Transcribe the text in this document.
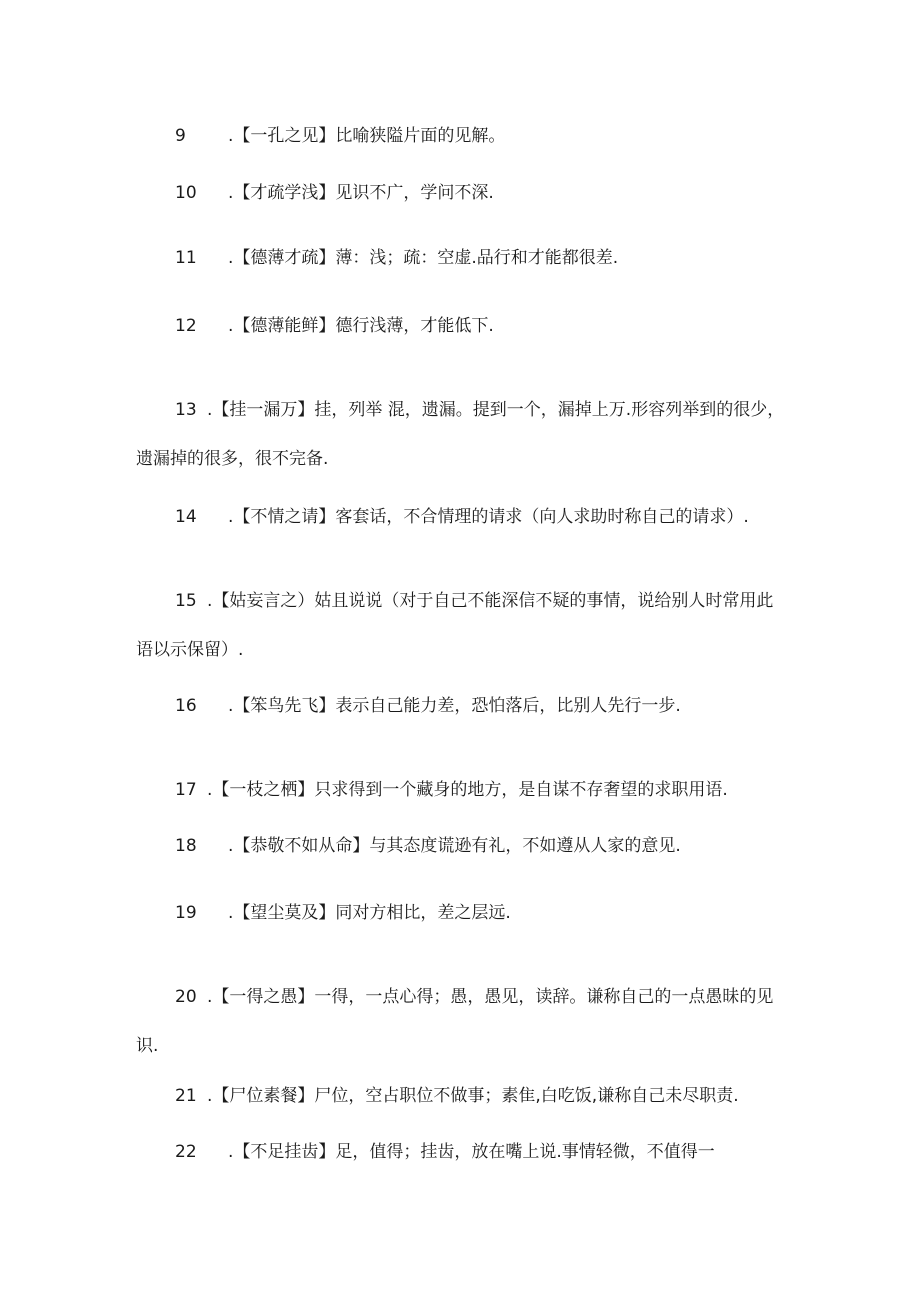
9 .【一孔之见】比喻狭隘片面的见解。
10 .【才疏学浅】见识不广，学问不深.
11 .【德薄才疏】薄：浅；疏：空虚.品行和才能都很差.
12 .【德薄能鲜】德行浅薄，才能低下.
13 .【挂一漏万】挂，列举 混，遗漏。提到一个，漏掉上万.形容列举到的很少，
遗漏掉的很多，很不完备.
14 .【不情之请】客套话，不合情理的请求（向人求助时称自己的请求）.
15 .【姑妄言之）姑且说说（对于自己不能深信不疑的事情，说给别人时常用此
语以示保留）.
16 .【笨鸟先飞】表示自己能力差，恐怕落后，比别人先行一步.
17 .【一枝之栖】只求得到一个藏身的地方，是自谋不存奢望的求职用语.
18 .【恭敬不如从命】与其态度谎逊有礼，不如遵从人家的意见.
19 .【望尘莫及】同对方相比，差之层远.
20 .【一得之愚】一得，一点心得；愚，愚见，读辞。谦称自己的一点愚昧的见
识.
21 .【尸位素餐】尸位，空占职位不做事；素隹,白吃饭,谦称自己未尽职责.
22 .【不足挂齿】足，值得；挂齿，放在嘴上说.事情轻微，不值得一
